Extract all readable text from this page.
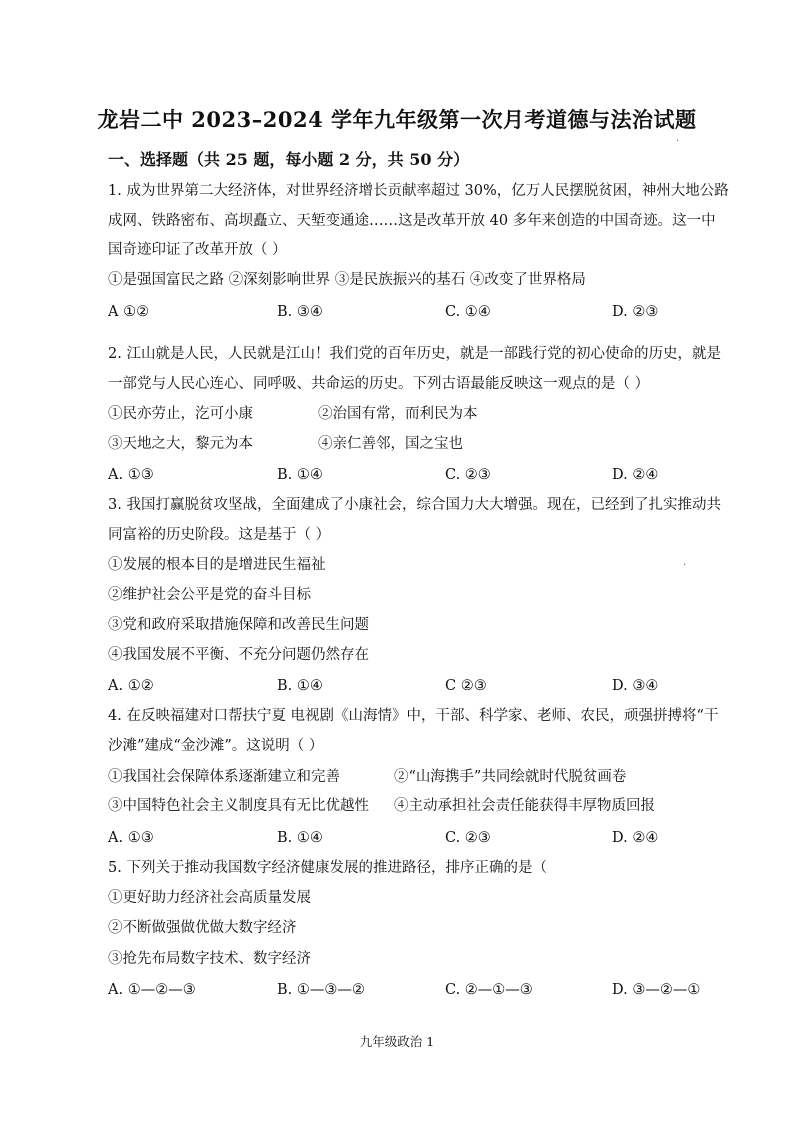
龙岩二中 2023–2024 学年九年级第一次月考道德与法治试题
一、选择题（共 25 题，每小题 2 分，共 50 分）
1. 成为世界第二大经济体，对世界经济增长贡献率超过 30%，亿万人民摆脱贫困，神州大地公路
成网、铁路密布、高坝矗立、天堑变通途……这是改革开放 40 多年来创造的中国奇迹。这一中
国奇迹印证了改革开放（ ）
①是强国富民之路 ②深刻影响世界 ③是民族振兴的基石 ④改变了世界格局
A ①②	B. ③④	C. ①④	D. ②③
2. 江山就是人民，人民就是江山！我们党的百年历史，就是一部践行党的初心使命的历史，就是
一部党与人民心连心、同呼吸、共命运的历史。下列古语最能反映这一观点的是（ ）
①民亦劳止，汔可小康	②治国有常，而利民为本
③天地之大，黎元为本	④亲仁善邻，国之宝也
A. ①③	B. ①④	C. ②③	D. ②④
3. 我国打赢脱贫攻坚战，全面建成了小康社会，综合国力大大增强。现在，已经到了扎实推动共
同富裕的历史阶段。这是基于（ ）
①发展的根本目的是增进民生福祉
②维护社会公平是党的奋斗目标
③党和政府采取措施保障和改善民生问题
④我国发展不平衡、不充分问题仍然存在
A. ①②	B. ①④	C ②③	D. ③④
4. 在反映福建对口帮扶宁夏 电视剧《山海情》中，干部、科学家、老师、农民，顽强拼搏将“干
沙滩”建成“金沙滩”。这说明（ ）
①我国社会保障体系逐渐建立和完善	②“山海携手”共同绘就时代脱贫画卷
③中国特色社会主义制度具有无比优越性 ④主动承担社会责任能获得丰厚物质回报
A. ①③	B. ①④	C. ②③	D. ②④
5. 下列关于推动我国数字经济健康发展的推进路径，排序正确的是（
①更好助力经济社会高质量发展
②不断做强做优做大数字经济
③抢先布局数字技术、数字经济
A. ①—②—③	B. ①—③—②	C. ②—①—③	D. ③—②—①
九年级政治 1
·
·
